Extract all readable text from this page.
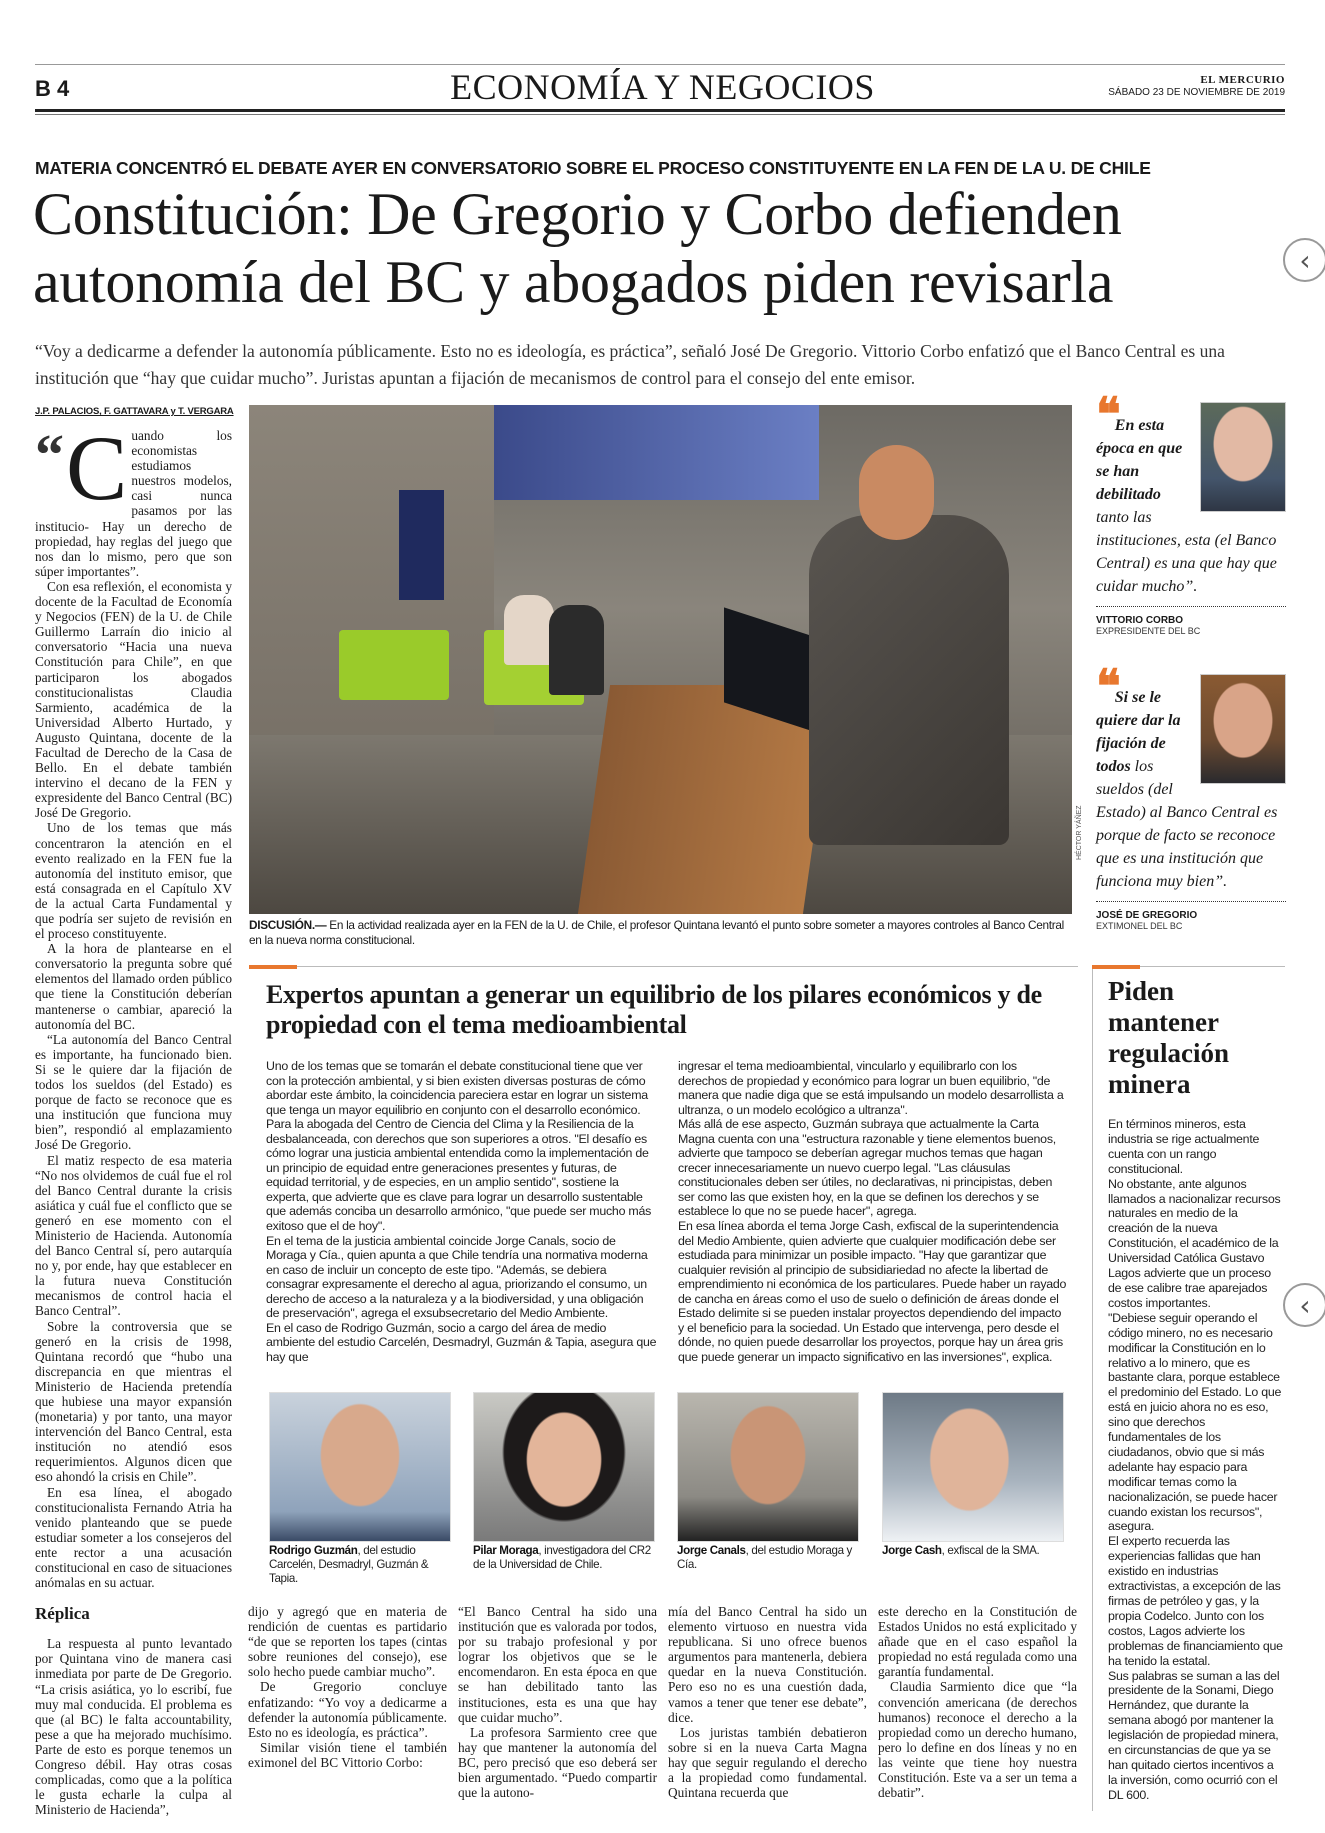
B 4	ECONOMÍA Y NEGOCIOS	EL MERCURIO
SÁBADO 23 DE NOVIEMBRE DE 2019
MATERIA CONCENTRÓ EL DEBATE AYER EN CONVERSATORIO SOBRE EL PROCESO CONSTITUYENTE EN LA FEN DE LA U. DE CHILE
Constitución: De Gregorio y Corbo defienden
autonomía del BC y abogados piden revisarla
“Voy a dedicarme a defender la autonomía públicamente. Esto no es ideología, es práctica”, señaló José De Gregorio. Vittorio Corbo enfatizó que el Banco Central es una institución que “hay que cuidar mucho”. Juristas apuntan a fijación de mecanismos de control para el consejo del ente emisor.
J.P. PALACIOS, F. GATTAVARA y T. VERGARA

“ C uando los economistas estudiamos nuestros modelos, casi nunca pasamos por las institucio- Hay un derecho de propiedad, hay reglas del juego que nos dan lo mismo, pero que son súper importantes”.

Con esa reflexión, el economista y docente de la Facultad de Economía y Negocios (FEN) de la U. de Chile Guillermo Larraín dio inicio al conversatorio “Hacia una nueva Constitución para Chile”, en que participaron los abogados constitucionalistas Claudia Sarmiento, académica de la Universidad Alberto Hurtado, y Augusto Quintana, docente de la Facultad de Derecho de la Casa de Bello. En el debate también intervino el decano de la FEN y expresidente del Banco Central (BC) José De Gregorio.

Uno de los temas que más concentraron la atención en el evento realizado en la FEN fue la autonomía del instituto emisor, que está consagrada en el Capítulo XV de la actual Carta Fundamental y que podría ser sujeto de revisión en el proceso constituyente.

A la hora de plantearse en el conversatorio la pregunta sobre qué elementos del llamado orden público que tiene la Constitución deberían mantenerse o cambiar, apareció la autonomía del BC.

“La autonomía del Banco Central es importante, ha funcionado bien. Si se le quiere dar la fijación de todos los sueldos (del Estado) es porque de facto se reconoce que es una institución que funciona muy bien”, respondió al emplazamiento José De Gregorio.

El matiz respecto de esa materia “No nos olvidemos de cuál fue el rol del Banco Central durante la crisis asiática y cuál fue el conflicto que se generó en ese momento con el Ministerio de Hacienda. Autonomía del Banco Central sí, pero autarquía no y, por ende, hay que establecer en la futura nueva Constitución mecanismos de control hacia el Banco Central”.

Sobre la controversia que se generó en la crisis de 1998, Quintana recordó que “hubo una discrepancia en que mientras el Ministerio de Hacienda pretendía que hubiese una mayor expansión (monetaria) y por tanto, una mayor intervención del Banco Central, esta institución no atendió esos requerimientos. Algunos dicen que eso ahondó la crisis en Chile”.

En esa línea, el abogado constitucionalista Fernando Atria ha venido planteando que se puede estudiar someter a los consejeros del ente rector a una acusación constitucional en caso de situaciones anómalas en su actuar.

Réplica

La respuesta al punto levantado por Quintana vino de manera casi inmediata por parte de De Gregorio. “La crisis asiática, yo lo escribí, fue muy mal conducida. El problema es que (al BC) le falta accountability, pese a que ha mejorado muchísimo. Parte de esto es porque tenemos un Congreso débil. Hay otras cosas complicadas, como que a la política le gusta echarle la culpa al Ministerio de Hacienda”,

HÉCTOR YÁÑEZ
DISCUSIÓN.— En la actividad realizada ayer en la FEN de la U. de Chile, el profesor Quintana levantó el punto sobre someter a mayores controles al Banco Central en la nueva norma constitucional.
❝En esta época en que se han debilitado tanto las instituciones, esta (el Banco Central) es una que hay que cuidar mucho”.
VITTORIO CORBO
EXPRESIDENTE DEL BC
❝Si se le quiere dar la fijación de todos los sueldos (del Estado) al Banco Central es porque de facto se reconoce que es una institución que funciona muy bien”.
JOSÉ DE GREGORIO
EXTIMONEL DEL BC
Expertos apuntan a generar un equilibrio de los pilares económicos y de propiedad con el tema medioambiental

Uno de los temas que se tomarán el debate constitucional tiene que ver con la protección ambiental, y si bien existen diversas posturas de cómo abordar este ámbito, la coincidencia pareciera estar en lograr un sistema que tenga un mayor equilibrio en conjunto con el desarrollo económico.

Para la abogada del Centro de Ciencia del Clima y la Resiliencia de la desbalanceada, con derechos que son superiores a otros. "El desafío es cómo lograr una justicia ambiental entendida como la implementación de un principio de equidad entre generaciones presentes y futuras, de equidad territorial, y de especies, en un amplio sentido", sostiene la experta, que advierte que es clave para lograr un desarrollo sustentable que además conciba un desarrollo armónico, "que puede ser mucho más exitoso que el de hoy".

En el tema de la justicia ambiental coincide Jorge Canals, socio de Moraga y Cía., quien apunta a que Chile tendría una normativa moderna en caso de incluir un concepto de este tipo. "Además, se debiera consagrar expresamente el derecho al agua, priorizando el consumo, un derecho de acceso a la naturaleza y a la biodiversidad, y una obligación de preservación", agrega el exsubsecretario del Medio Ambiente.

En el caso de Rodrigo Guzmán, socio a cargo del área de medio ambiente del estudio Carcelén, Desmadryl, Guzmán & Tapia, asegura que hay que

ingresar el tema medioambiental, vincularlo y equilibrarlo con los derechos de propiedad y económico para lograr un buen equilibrio, "de manera que nadie diga que se está impulsando un modelo desarrollista a ultranza, o un modelo ecológico a ultranza".

Más allá de ese aspecto, Guzmán subraya que actualmente la Carta Magna cuenta con una "estructura razonable y tiene elementos buenos, advierte que tampoco se deberían agregar muchos temas que hagan crecer innecesariamente un nuevo cuerpo legal. "Las cláusulas constitucionales deben ser útiles, no declarativas, ni principistas, deben ser como las que existen hoy, en la que se definen los derechos y se establece lo que no se puede hacer", agrega.

En esa línea aborda el tema Jorge Cash, exfiscal de la superintendencia del Medio Ambiente, quien advierte que cualquier modificación debe ser estudiada para minimizar un posible impacto. "Hay que garantizar que cualquier revisión al principio de subsidiariedad no afecte la libertad de emprendimiento ni económica de los particulares. Puede haber un rayado de cancha en áreas como el uso de suelo o definición de áreas donde el Estado delimite si se pueden instalar proyectos dependiendo del impacto y el beneficio para la sociedad. Un Estado que intervenga, pero desde el dónde, no quien puede desarrollar los proyectos, porque hay un área gris que puede generar un impacto significativo en las inversiones", explica.

Rodrigo Guzmán, del estudio Carcelén, Desmadryl, Guzmán & Tapia.
Pilar Moraga, investigadora del CR2 de la Universidad de Chile.
Jorge Canals, del estudio Moraga y Cía.
Jorge Cash, exfiscal de la SMA.

dijo y agregó que en materia de rendición de cuentas es partidario “de que se reporten los tapes (cintas sobre reuniones del consejo), ese solo hecho puede cambiar mucho”.

De Gregorio concluye enfatizando: “Yo voy a dedicarme a defender la autonomía públicamente. Esto no es ideología, es práctica”.

Similar visión tiene el también eximonel del BC Vittorio Corbo:

“El Banco Central ha sido una institución que es valorada por todos, por su trabajo profesional y por lograr los objetivos que se le encomendaron. En esta época en que se han debilitado tanto las instituciones, esta es una que hay que cuidar mucho”.

La profesora Sarmiento cree que hay que mantener la autonomía del BC, pero precisó que eso deberá ser bien argumentado. “Puedo compartir que la autono-

mía del Banco Central ha sido un elemento virtuoso en nuestra vida republicana. Si uno ofrece buenos argumentos para mantenerla, debiera quedar en la nueva Constitución. Pero eso no es una cuestión dada, vamos a tener que tener ese debate”, dice.

Los juristas también debatieron sobre si en la nueva Carta Magna hay que seguir regulando el derecho a la propiedad como fundamental. Quintana recuerda que

este derecho en la Constitución de Estados Unidos no está explicitado y añade que en el caso español la propiedad no está regulada como una garantía fundamental.

Claudia Sarmiento dice que “la convención americana (de derechos humanos) reconoce el derecho a la propiedad como un derecho humano, pero lo define en dos líneas y no en las veinte que tiene hoy nuestra Constitución. Este va a ser un tema a debatir”.

Piden mantener regulación minera

En términos mineros, esta industria se rige actualmente cuenta con un rango constitucional.

No obstante, ante algunos llamados a nacionalizar recursos naturales en medio de la creación de la nueva Constitución, el académico de la Universidad Católica Gustavo Lagos advierte que un proceso de ese calibre trae aparejados costos importantes.

"Debiese seguir operando el código minero, no es necesario modificar la Constitución en lo relativo a lo minero, que es bastante clara, porque establece el predominio del Estado. Lo que está en juicio ahora no es eso, sino que derechos fundamentales de los ciudadanos, obvio que si más adelante hay espacio para modificar temas como la nacionalización, se puede hacer cuando existan los recursos", asegura.

El experto recuerda las experiencias fallidas que han existido en industrias extractivistas, a excepción de las firmas de petróleo y gas, y la propia Codelco. Junto con los costos, Lagos advierte los problemas de financiamiento que ha tenido la estatal.

Sus palabras se suman a las del presidente de la Sonami, Diego Hernández, que durante la semana abogó por mantener la legislación de propiedad minera, en circunstancias de que ya se han quitado ciertos incentivos a la inversión, como ocurrió con el DL 600.

‹
‹
